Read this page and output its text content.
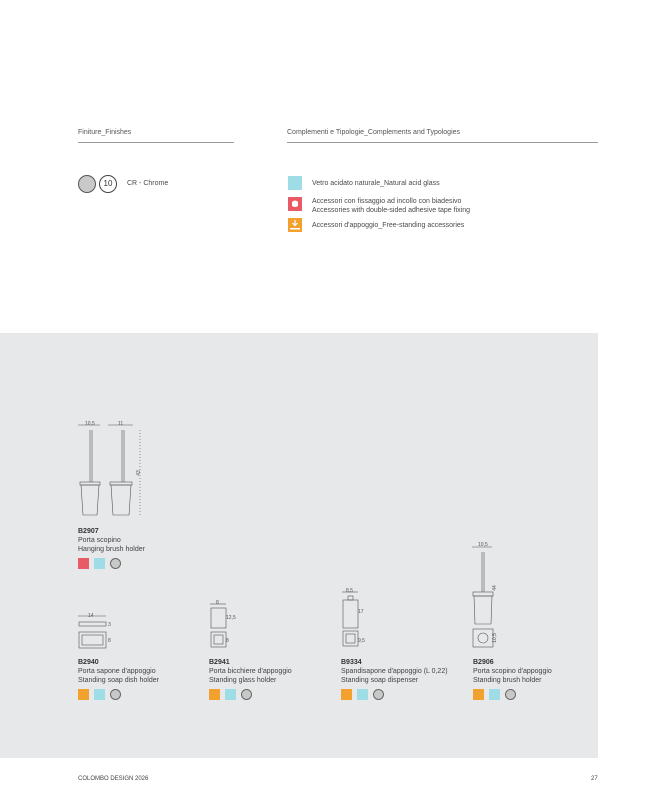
Finiture_Finishes	Complementi e Tipologie_Complements and Typologies
10	CR - Chrome	Vetro acidato naturale_Natural acid glass
Accessori con fissaggio ad incollo con biadesivo
Accessories with double-sided adhesive tape fixing
Accessori d'appoggio_Free-standing accessories
10,5	11
43
B2907
Porta scopino
Hanging brush holder
14
3
8
B2940
Porta sapone d'appoggio
Standing soap dish holder
8
12,5
8
B2941
Porta bicchiere d'appoggio
Standing glass holder
8,5
17
9,5
B9334
Spandisapone d'appoggio (L 0,22)
Standing soap dispenser
10,5
44
10,5
B2906
Porta scopino d'appoggio
Standing brush holder
COLOMBO DESIGN 2026	27
